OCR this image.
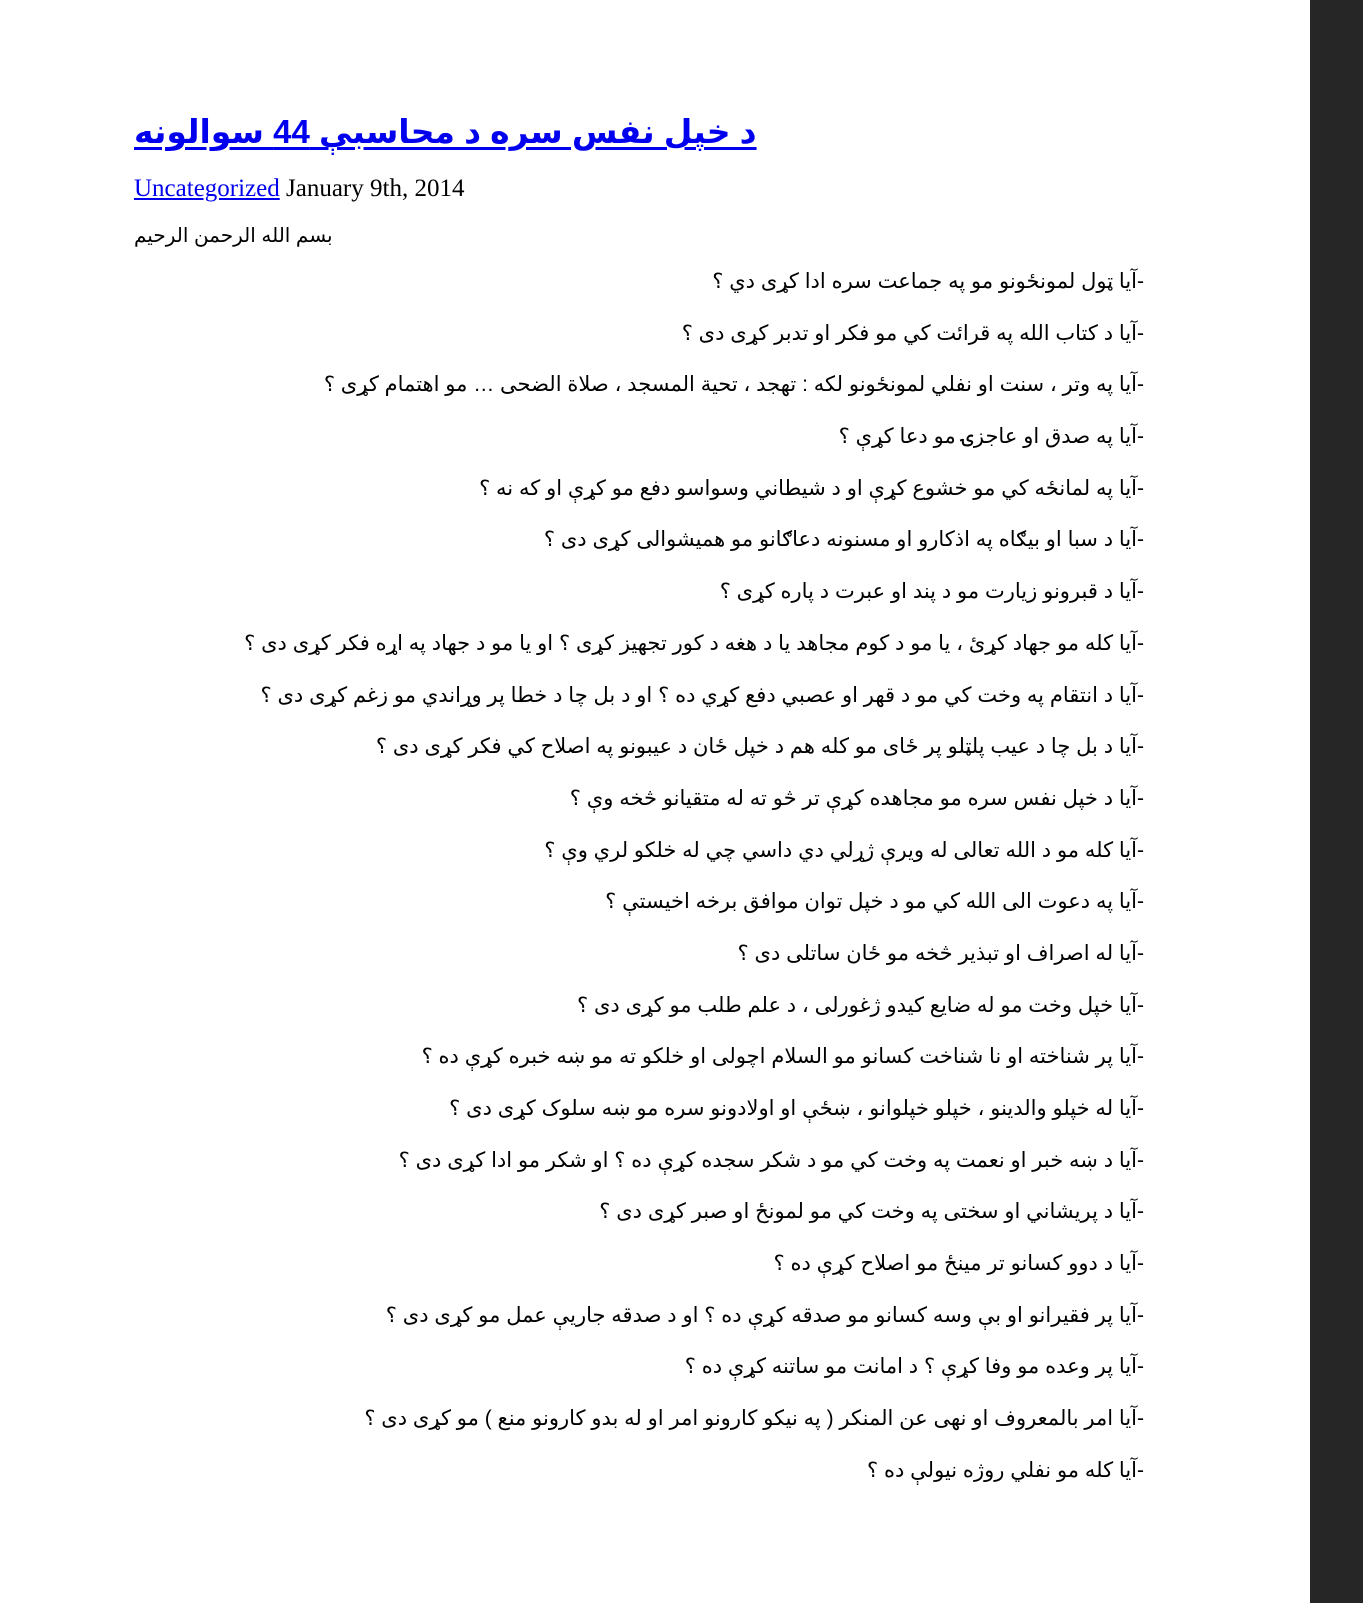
د خپل نفس سره د محاسبې 44 سوالونه
Uncategorized January 9th, 2014
بسم الله الرحمن الرحيم
-آيا ټول لمونځونو مو په جماعت سره ادا کړی دي ؟
-آيا د کتاب الله په قرائت کي مو فکر او تدبر کړی دی ؟
-آيا په وتر ، سنت او نفلي لمونځونو لکه : تهجد ، تحية المسجد ، صلاة الضحی … مو اهتمام کړی ؟
-آيا په صدق او عاجزۍ مو دعا کړې ؟
-آيا په لمانځه کي مو خشوع کړې او د شيطاني وسواسو دفع مو کړې او که نه ؟
-آيا د سبا او بیګاه په اذکارو او مسنونه دعاګانو مو هميشوالی کړی دی ؟
-آيا د قبرونو زيارت مو د پند او عبرت د پاره کړی ؟
-آيا کله مو جهاد کړئ ، يا مو د کوم مجاهد يا د هغه د کور تجهيز کړی ؟ او يا مو د جهاد په اړه فکر کړی دی ؟
-آيا د انتقام په وخت کي مو د قهر او عصبي دفع کړي ده ؟ او د بل چا د خطا پر وړاندي مو زغم کړی دی ؟
-آيا د بل چا د عيب پلټلو پر ځای مو کله هم د خپل ځان د عيبونو په اصلاح کي فکر کړی دی ؟
-آيا د خپل نفس سره مو مجاهده کړې تر څو ته له متقيانو څخه وې ؟
-آيا کله مو د الله تعالی له ویرې ژړلي دي داسي چي له خلکو لري وې ؟
-آيا په دعوت الی الله کي مو د خپل توان موافق برخه اخيستې ؟
-آيا له اصراف او تبذير څخه مو ځان ساتلی دی ؟
-آيا خپل وخت مو له ضايع کيدو ژغورلی ، د علم طلب مو کړی دی ؟
-آيا پر شناخته او نا شناخت کسانو مو السلام اچولی او خلکو ته مو ښه خبره کړې ده ؟
-آيا له خپلو والدينو ، خپلو خپلوانو ، ښځې او اولادونو سره مو ښه سلوک کړی دی ؟
-آيا د ښه خبر او نعمت په وخت کي مو د شکر سجده کړې ده ؟ او شکر مو ادا کړی دی ؟
-آيا د پريشاني او سختی په وخت کي مو لمونځ او صبر کړی دی ؟
-آيا د دوو کسانو تر مينځ مو اصلاح کړې ده ؟
-آيا پر فقيرانو او بې وسه کسانو مو صدقه کړې ده ؟ او د صدقه جاريې عمل مو کړی دی ؟
-آيا پر وعده مو وفا کړې ؟ د امانت مو ساتنه کړې ده ؟
-آيا امر بالمعروف او نهی عن المنکر ( په نيکو کارونو امر او له بدو کارونو منع ) مو کړی دی ؟
-آيا کله مو نفلي روژه نيولې ده ؟
